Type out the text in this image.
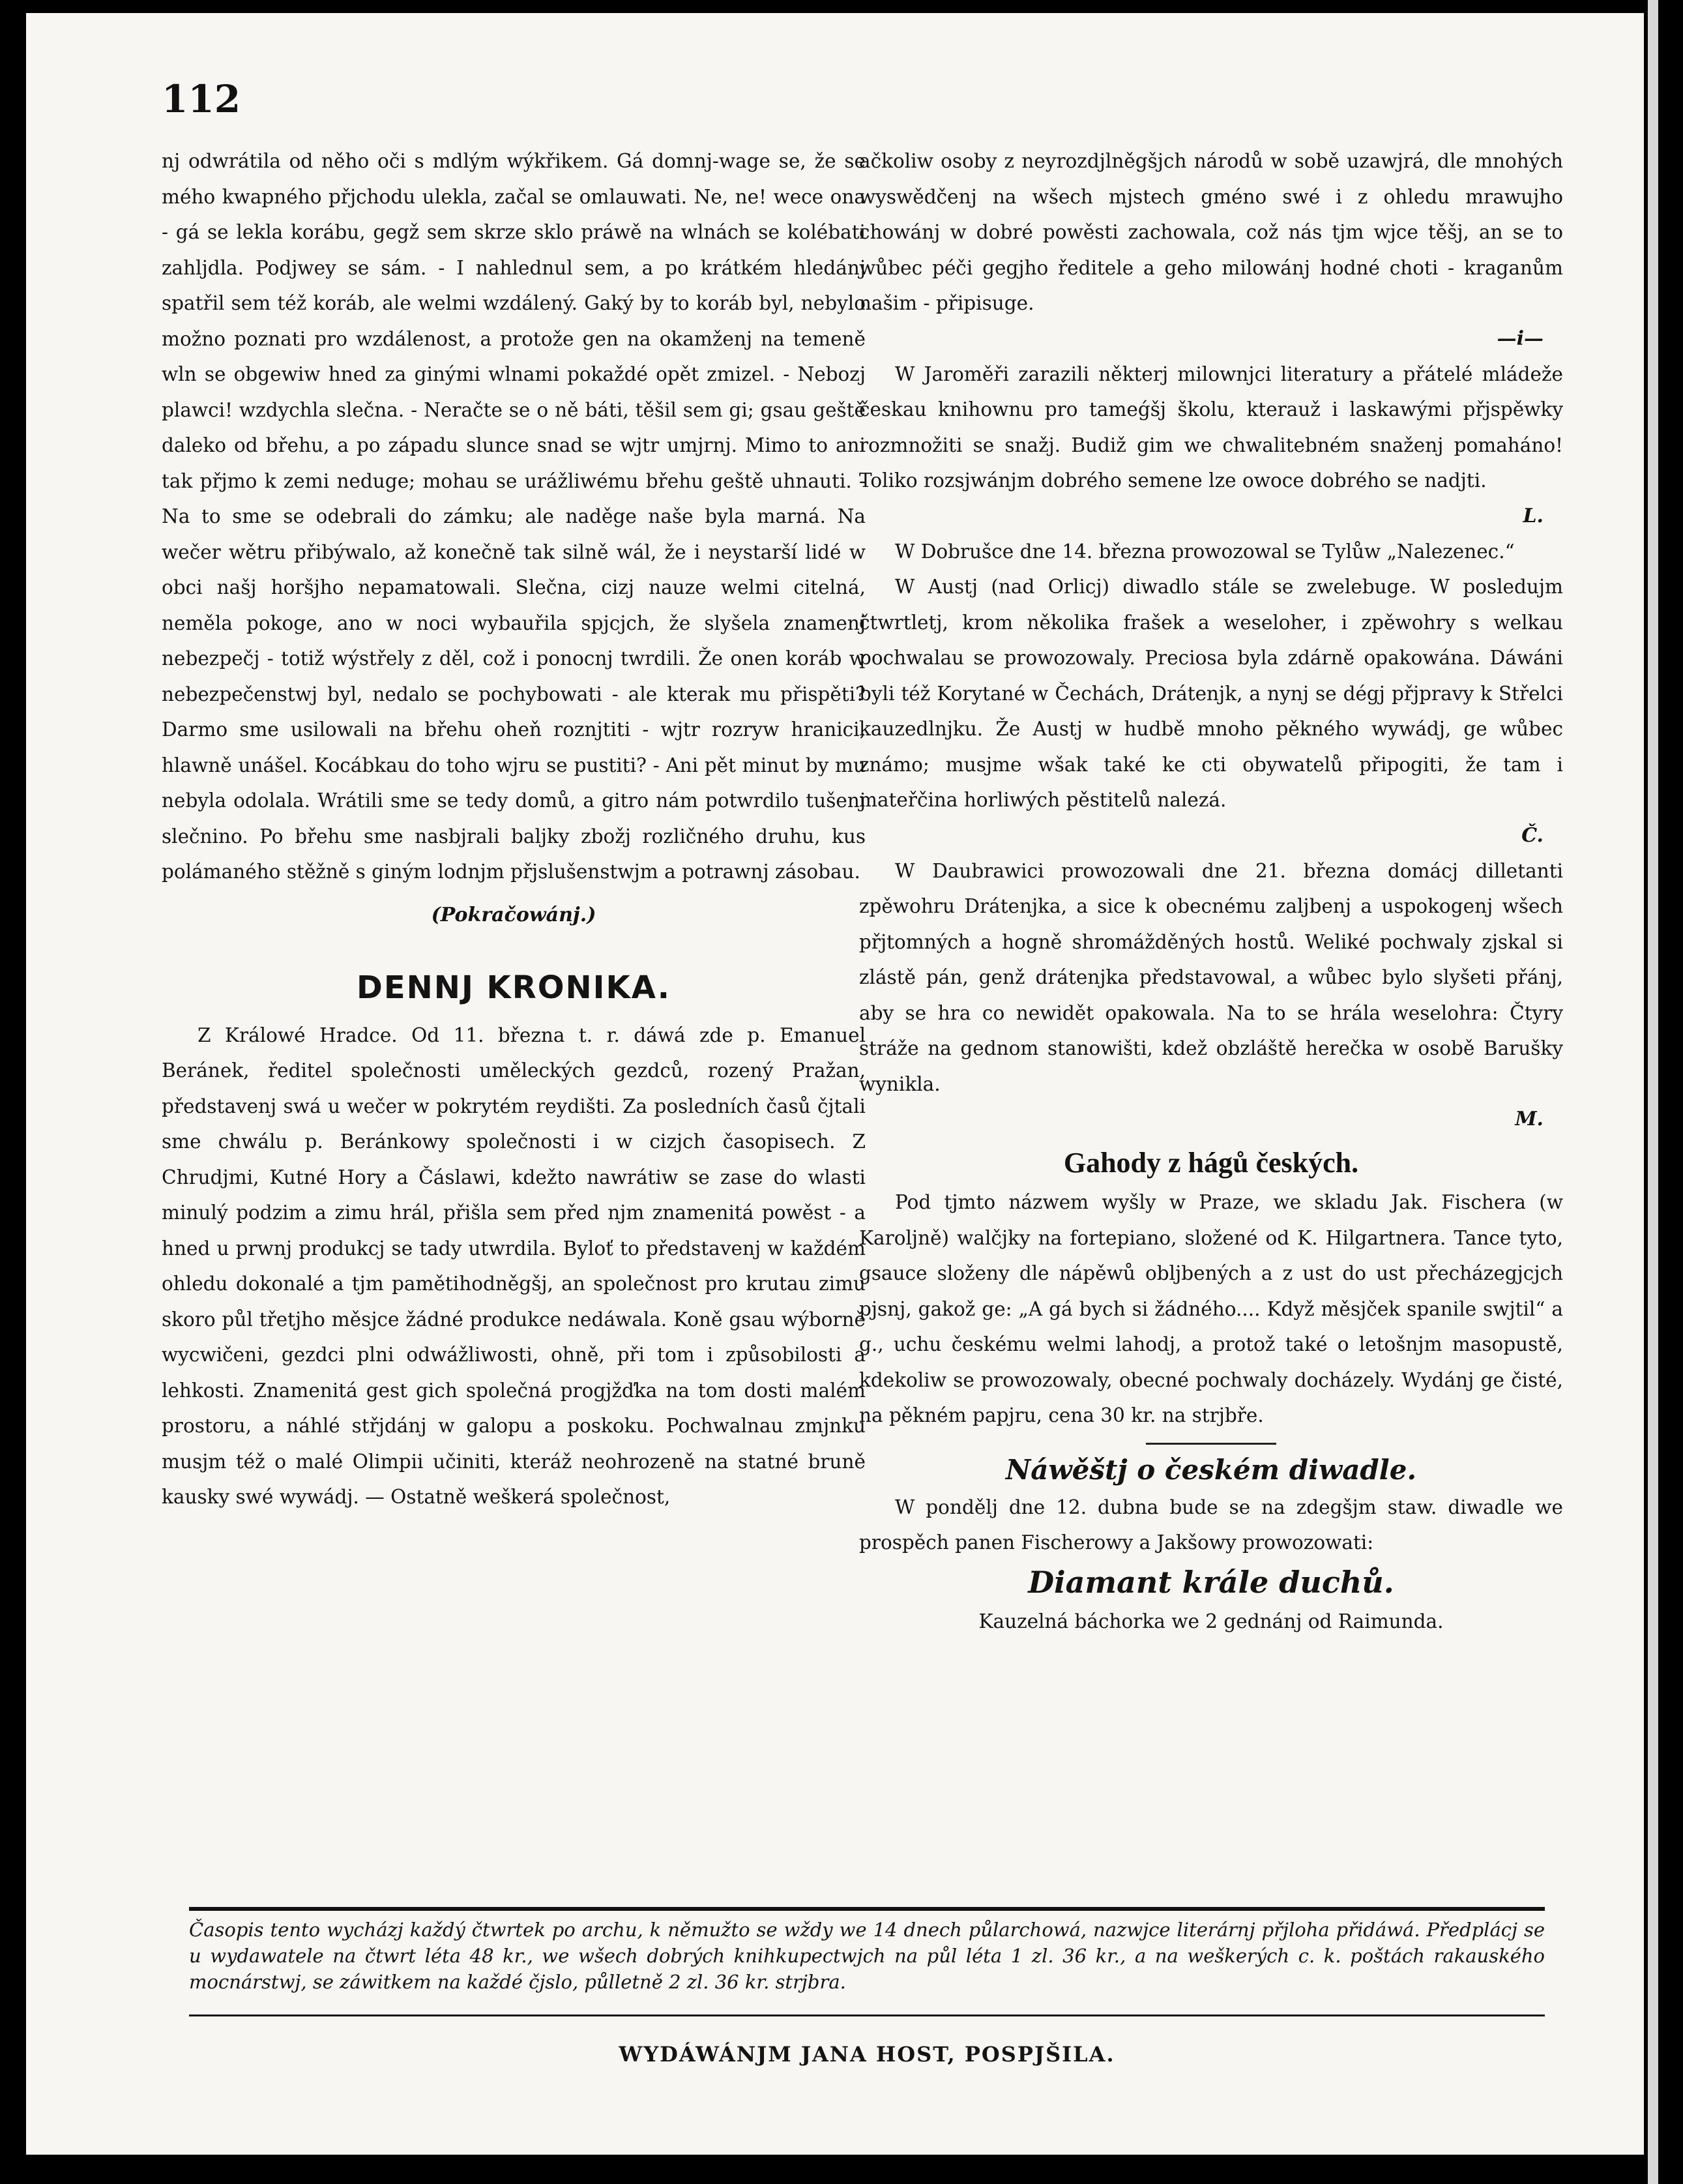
112

nj odwrátila od něho oči s mdlým wýkřikem. Gá domnj-wage se, že se mého kwapného přjchodu ulekla, začal se omlauwati. Ne, ne! wece ona - gá se lekla korábu, gegž sem skrze sklo práwě na wlnách se kolébati zahljdla. Podjwey se sám. - I nahlednul sem, a po krátkém hledánj spatřil sem též koráb, ale welmi wzdálený. Gaký by to koráb byl, nebylo možno poznati pro wzdálenost, a protože gen na okamženj na temeně wln se obgewiw hned za ginými wlnami pokaždé opět zmizel. - Nebozj plawci! wzdychla slečna. - Neračte se o ně báti, těšil sem gi; gsau geště daleko od břehu, a po západu slunce snad se wjtr umjrnj. Mimo to ani tak přjmo k zemi neduge; mohau se urážliwému břehu geště uhnauti. - Na to sme se odebrali do zámku; ale naděge naše byla marná. Na wečer wětru přibýwalo, až konečně tak silně wál, že i neystarší lidé w obci našj horšjho nepamatowali. Slečna, cizj nauze welmi citelná, neměla pokoge, ano w noci wybauřila spjcjch, že slyšela znamenj nebezpečj - totiž wýstřely z děl, což i ponocnj twrdili. Že onen koráb w nebezpečenstwj byl, nedalo se pochybowati - ale kterak mu přispěti? Darmo sme usilowali na břehu oheň roznjtiti - wjtr rozryw hranici, hlawně unášel. Kocábkau do toho wjru se pustiti? - Ani pět minut by mu nebyla odolala. Wrátili sme se tedy domů, a gitro nám potwrdilo tušenj slečnino. Po břehu sme nasbjrali baljky zbožj rozličného druhu, kus polámaného stěžně s giným lodnjm přjslušenstwjm a potrawnj zásobau.

(Pokračowánj.)
DENNJ KRONIKA.

Z Králowé Hradce. Od 11. března t. r. dáwá zde p. Emanuel Beránek, ředitel společnosti uměleckých gezdců, rozený Pražan, představenj swá u wečer w pokrytém reydišti. Za posledních časů čjtali sme chwálu p. Beránkowy společnosti i w cizjch časopisech. Z Chrudjmi, Kutné Hory a Čáslawi, kdežto nawrátiw se zase do wlasti minulý podzim a zimu hrál, přišla sem před njm znamenitá powěst - a hned u prwnj produkcj se tady utwrdila. Byloť to představenj w každém ohledu dokonalé a tjm pamětihodněgšj, an společnost pro krutau zimu skoro půl třetjho měsjce žádné produkce nedáwala. Koně gsau wýborně wycwičeni, gezdci plni odwážliwosti, ohně, při tom i způsobilosti a lehkosti. Znamenitá gest gich společná progjžďka na tom dosti malém prostoru, a náhlé střjdánj w galopu a poskoku. Pochwalnau zmjnku musjm též o malé Olimpii učiniti, kteráž neohrozeně na statné bruně kausky swé wywádj. — Ostatně weškerá společnost,

ačkoliw osoby z neyrozdjlněgšjch národů w sobě uzawjrá, dle mnohých wyswědčenj na wšech mjstech gméno swé i z ohledu mrawujho chowánj w dobré powěsti zachowala, což nás tjm wjce těšj, an se to wůbec péči gegjho ředitele a geho milowánj hodné choti - kraganům našim - připisuge.

—i—

W Jaroměři zarazili některj milownjci literatury a přátelé mládeže českau knihownu pro tameǵšj školu, kterauž i laskawými přjspěwky rozmnožiti se snažj. Budiž gim we chwalitebném snaženj pomaháno! Toliko rozsjwánjm dobrého semene lze owoce dobrého se nadjti.

L.

W Dobrušce dne 14. března prowozowal se Tylůw „Nalezenec.“

W Austj (nad Orlicj) diwadlo stále se zwelebuge. W posledujm čtwrtletj, krom několika frašek a weseloher, i zpěwohry s welkau pochwalau se prowozowaly. Preciosa byla zdárně opakowána. Dáwáni byli též Korytané w Čechách, Drátenjk, a nynj se dégj přjpravy k Střelci kauzedlnjku. Že Austj w hudbě mnoho pěkného wywádj, ge wůbec známo; musjme wšak také ke cti obywatelů připogiti, že tam i mateřčina horliwých pěstitelů nalezá.

Č.

W Daubrawici prowozowali dne 21. března domácj dilletanti zpěwohru Drátenjka, a sice k obecnému zaljbenj a uspokogenj wšech přjtomných a hogně shromážděných hostů. Weliké pochwaly zjskal si zlástě pán, genž drátenjka představowal, a wůbec bylo slyšeti přánj, aby se hra co newidět opakowala. Na to se hrála weselohra: Čtyry stráže na gednom stanowišti, kdež obzláště herečka w osobě Barušky wynikla.

M.
Gahody z hágů českých.

Pod tjmto názwem wyšly w Praze, we skladu Jak. Fischera (w Karoljně) walčjky na fortepiano, složené od K. Hilgartnera. Tance tyto, gsauce složeny dle nápěwů obljbených a z ust do ust přecházegjcjch pjsnj, gakož ge: „A gá bych si žádného.... Když měsjček spanile swjtil“ a g., uchu českému welmi lahodj, a protož také o letošnjm masopustě, kdekoliw se prowozowaly, obecné pochwaly docházely. Wydánj ge čisté, na pěkném papjru, cena 30 kr. na strjbře.

Náwěštj o českém diwadle.

W pondělj dne 12. dubna bude se na zdegšjm staw. diwadle we prospěch panen Fischerowy a Jakšowy prowozowati:

Diamant krále duchů.
Kauzelná báchorka we 2 gednánj od Raimunda.
Časopis tento wycházj každý čtwrtek po archu, k němužto se wždy we 14 dnech půlarchowá, nazwjce literárnj přjloha přidáwá. Předplácj se u wydawatele na čtwrt léta 48 kr., we wšech dobrých knihkupectwjch na půl léta 1 zl. 36 kr., a na weškerých c. k. poštách rakauského mocnárstwj, se záwitkem na každé čjslo, půlletně 2 zl. 36 kr. strjbra.
WYDÁWÁNJM JANA HOST, POSPJŠILA.
